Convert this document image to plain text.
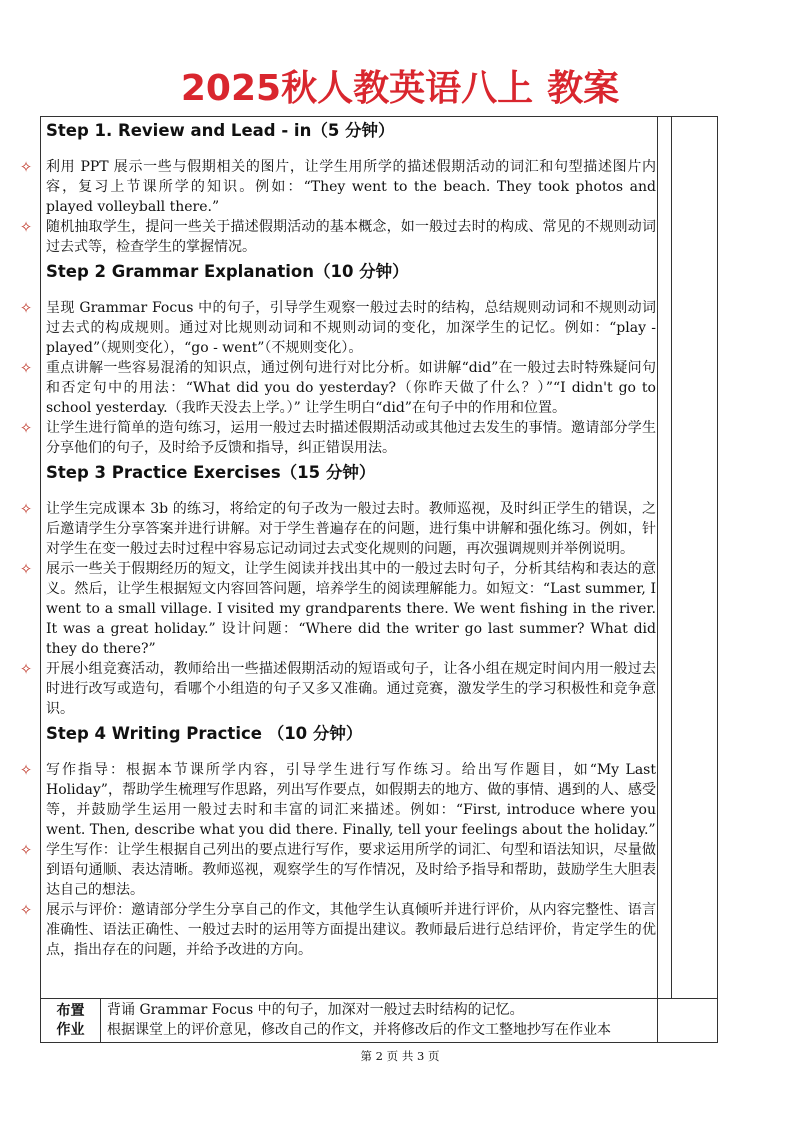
2025秋人教英语八上 教案
布置
作业
背诵 Grammar Focus 中的句子，加深对一般过去时结构的记忆。
根据课堂上的评价意见，修改自己的作文，并将修改后的作文工整地抄写在作业本
Step 1. Review and Lead - in（5 分钟）
✧ 利用 PPT 展示一些与假期相关的图片，让学生用所学的描述假期活动的词汇和句型描述图片内容，复习上节课所学的知识。例如：“They went to the beach. They took photos and played volleyball there.”
✧ 随机抽取学生，提问一些关于描述假期活动的基本概念，如一般过去时的构成、常见的不规则动词过去式等，检查学生的掌握情况。
Step 2 Grammar Explanation（10 分钟）
✧ 呈现 Grammar Focus 中的句子，引导学生观察一般过去时的结构，总结规则动词和不规则动词过去式的构成规则。通过对比规则动词和不规则动词的变化，加深学生的记忆。例如：“play - played”（规则变化），“go - went”（不规则变化）。
✧ 重点讲解一些容易混淆的知识点，通过例句进行对比分析。如讲解“did”在一般过去时特殊疑问句和否定句中的用法：“What did you do yesterday?（你昨天做了什么？）”“I didn't go to school yesterday.（我昨天没去上学。）” 让学生明白“did”在句子中的作用和位置。
✧ 让学生进行简单的造句练习，运用一般过去时描述假期活动或其他过去发生的事情。邀请部分学生分享他们的句子，及时给予反馈和指导，纠正错误用法。
Step 3 Practice Exercises（15 分钟）
✧ 让学生完成课本 3b 的练习，将给定的句子改为一般过去时。教师巡视，及时纠正学生的错误，之后邀请学生分享答案并进行讲解。对于学生普遍存在的问题，进行集中讲解和强化练习。例如，针对学生在变一般过去时过程中容易忘记动词过去式变化规则的问题，再次强调规则并举例说明。
✧ 展示一些关于假期经历的短文，让学生阅读并找出其中的一般过去时句子，分析其结构和表达的意义。然后，让学生根据短文内容回答问题，培养学生的阅读理解能力。如短文：“Last summer, I went to a small village. I visited my grandparents there. We went fishing in the river. It was a great holiday.” 设计问题：“Where did the writer go last summer? What did they do there?”
✧ 开展小组竞赛活动，教师给出一些描述假期活动的短语或句子，让各小组在规定时间内用一般过去时进行改写或造句，看哪个小组造的句子又多又准确。通过竞赛，激发学生的学习积极性和竞争意识。
Step 4 Writing Practice （10 分钟）
✧ 写作指导：根据本节课所学内容，引导学生进行写作练习。给出写作题目，如“My Last Holiday”，帮助学生梳理写作思路，列出写作要点，如假期去的地方、做的事情、遇到的人、感受等，并鼓励学生运用一般过去时和丰富的词汇来描述。例如：“First, introduce where you went. Then, describe what you did there. Finally, tell your feelings about the holiday.”
✧ 学生写作：让学生根据自己列出的要点进行写作，要求运用所学的词汇、句型和语法知识，尽量做到语句通顺、表达清晰。教师巡视，观察学生的写作情况，及时给予指导和帮助，鼓励学生大胆表达自己的想法。
✧ 展示与评价：邀请部分学生分享自己的作文，其他学生认真倾听并进行评价，从内容完整性、语言准确性、语法正确性、一般过去时的运用等方面提出建议。教师最后进行总结评价，肯定学生的优点，指出存在的问题，并给予改进的方向。
第 2 页 共 3 页
